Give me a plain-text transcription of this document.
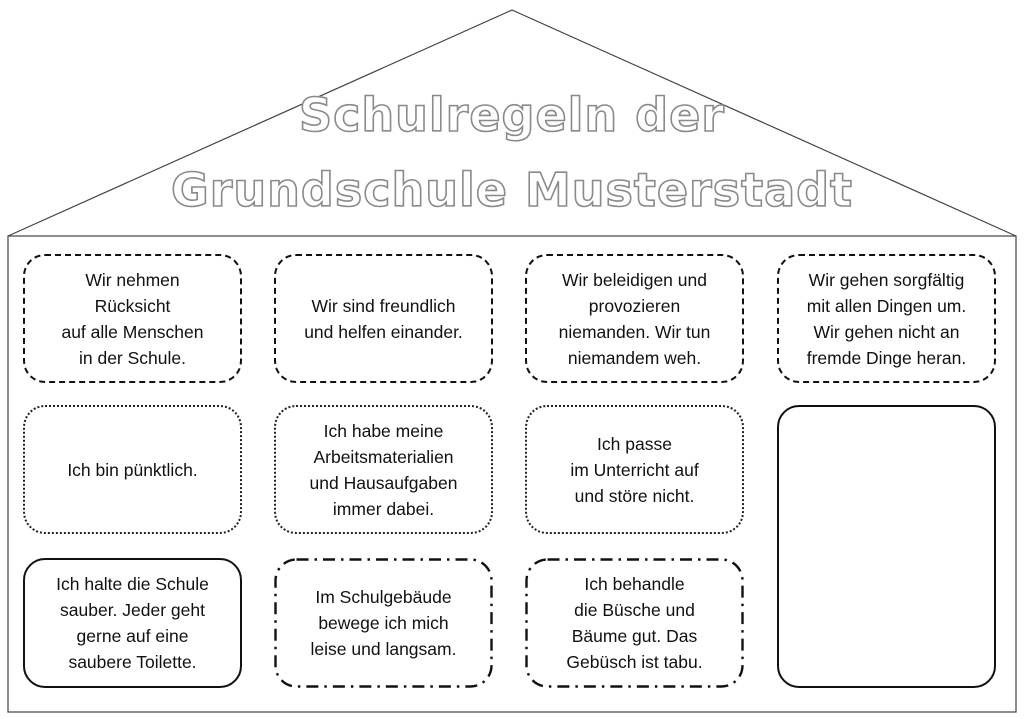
Schulregeln der
Grundschule Musterstadt
Wir nehmen
Rücksicht
auf alle Menschen
in der Schule.
Wir sind freundlich
und helfen einander.
Wir beleidigen und
provozieren
niemanden. Wir tun
niemandem weh.
Wir gehen sorgfältig
mit allen Dingen um.
Wir gehen nicht an
fremde Dinge heran.
Ich bin pünktlich.
Ich habe meine
Arbeitsmaterialien
und Hausaufgaben
immer dabei.
Ich passe
im Unterricht auf
und störe nicht.
Ich halte die Schule
sauber. Jeder geht
gerne auf eine
saubere Toilette.
Im Schulgebäude
bewege ich mich
leise und langsam.
Ich behandle
die Büsche und
Bäume gut. Das
Gebüsch ist tabu.
